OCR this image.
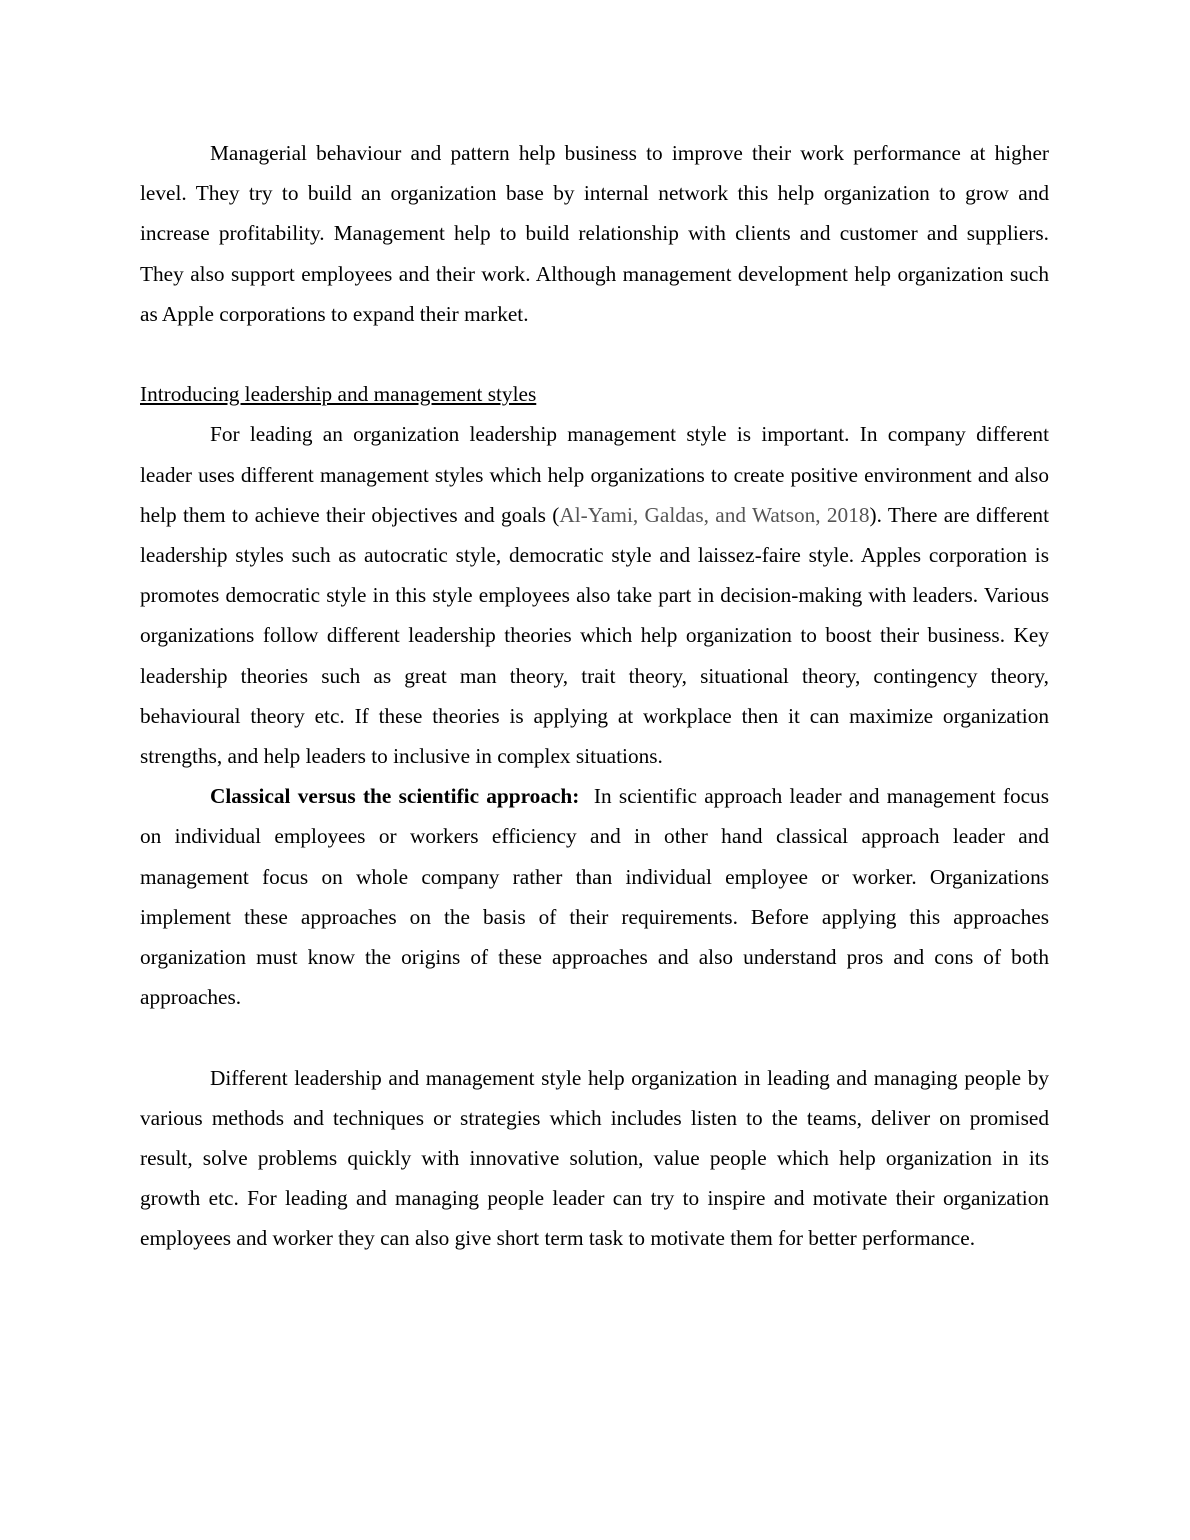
Managerial behaviour and pattern help business to improve their work performance at higher level. They try to build an organization base by internal network this help organization to grow and increase profitability. Management help to build relationship with clients and customer and suppliers. They also support employees and their work. Although management development help organization such as Apple corporations to expand their market.

Introducing leadership and management styles

For leading an organization leadership management style is important. In company different leader uses different management styles which help organizations to create positive environment and also help them to achieve their objectives and goals (Al-Yami, Galdas, and Watson, 2018). There are different leadership styles such as autocratic style, democratic style and laissez-faire style. Apples corporation is promotes democratic style in this style employees also take part in decision-making with leaders. Various organizations follow different leadership theories which help organization to boost their business. Key leadership theories such as great man theory, trait theory, situational theory, contingency theory, behavioural theory etc. If these theories is applying at workplace then it can maximize organization strengths, and help leaders to inclusive in complex situations.

Classical versus the scientific approach: In scientific approach leader and management focus on individual employees or workers efficiency and in other hand classical approach leader and management focus on whole company rather than individual employee or worker. Organizations implement these approaches on the basis of their requirements. Before applying this approaches organization must know the origins of these approaches and also understand pros and cons of both approaches.

Different leadership and management style help organization in leading and managing people by various methods and techniques or strategies which includes listen to the teams, deliver on promised result, solve problems quickly with innovative solution, value people which help organization in its growth etc. For leading and managing people leader can try to inspire and motivate their organization employees and worker they can also give short term task to motivate them for better performance.
